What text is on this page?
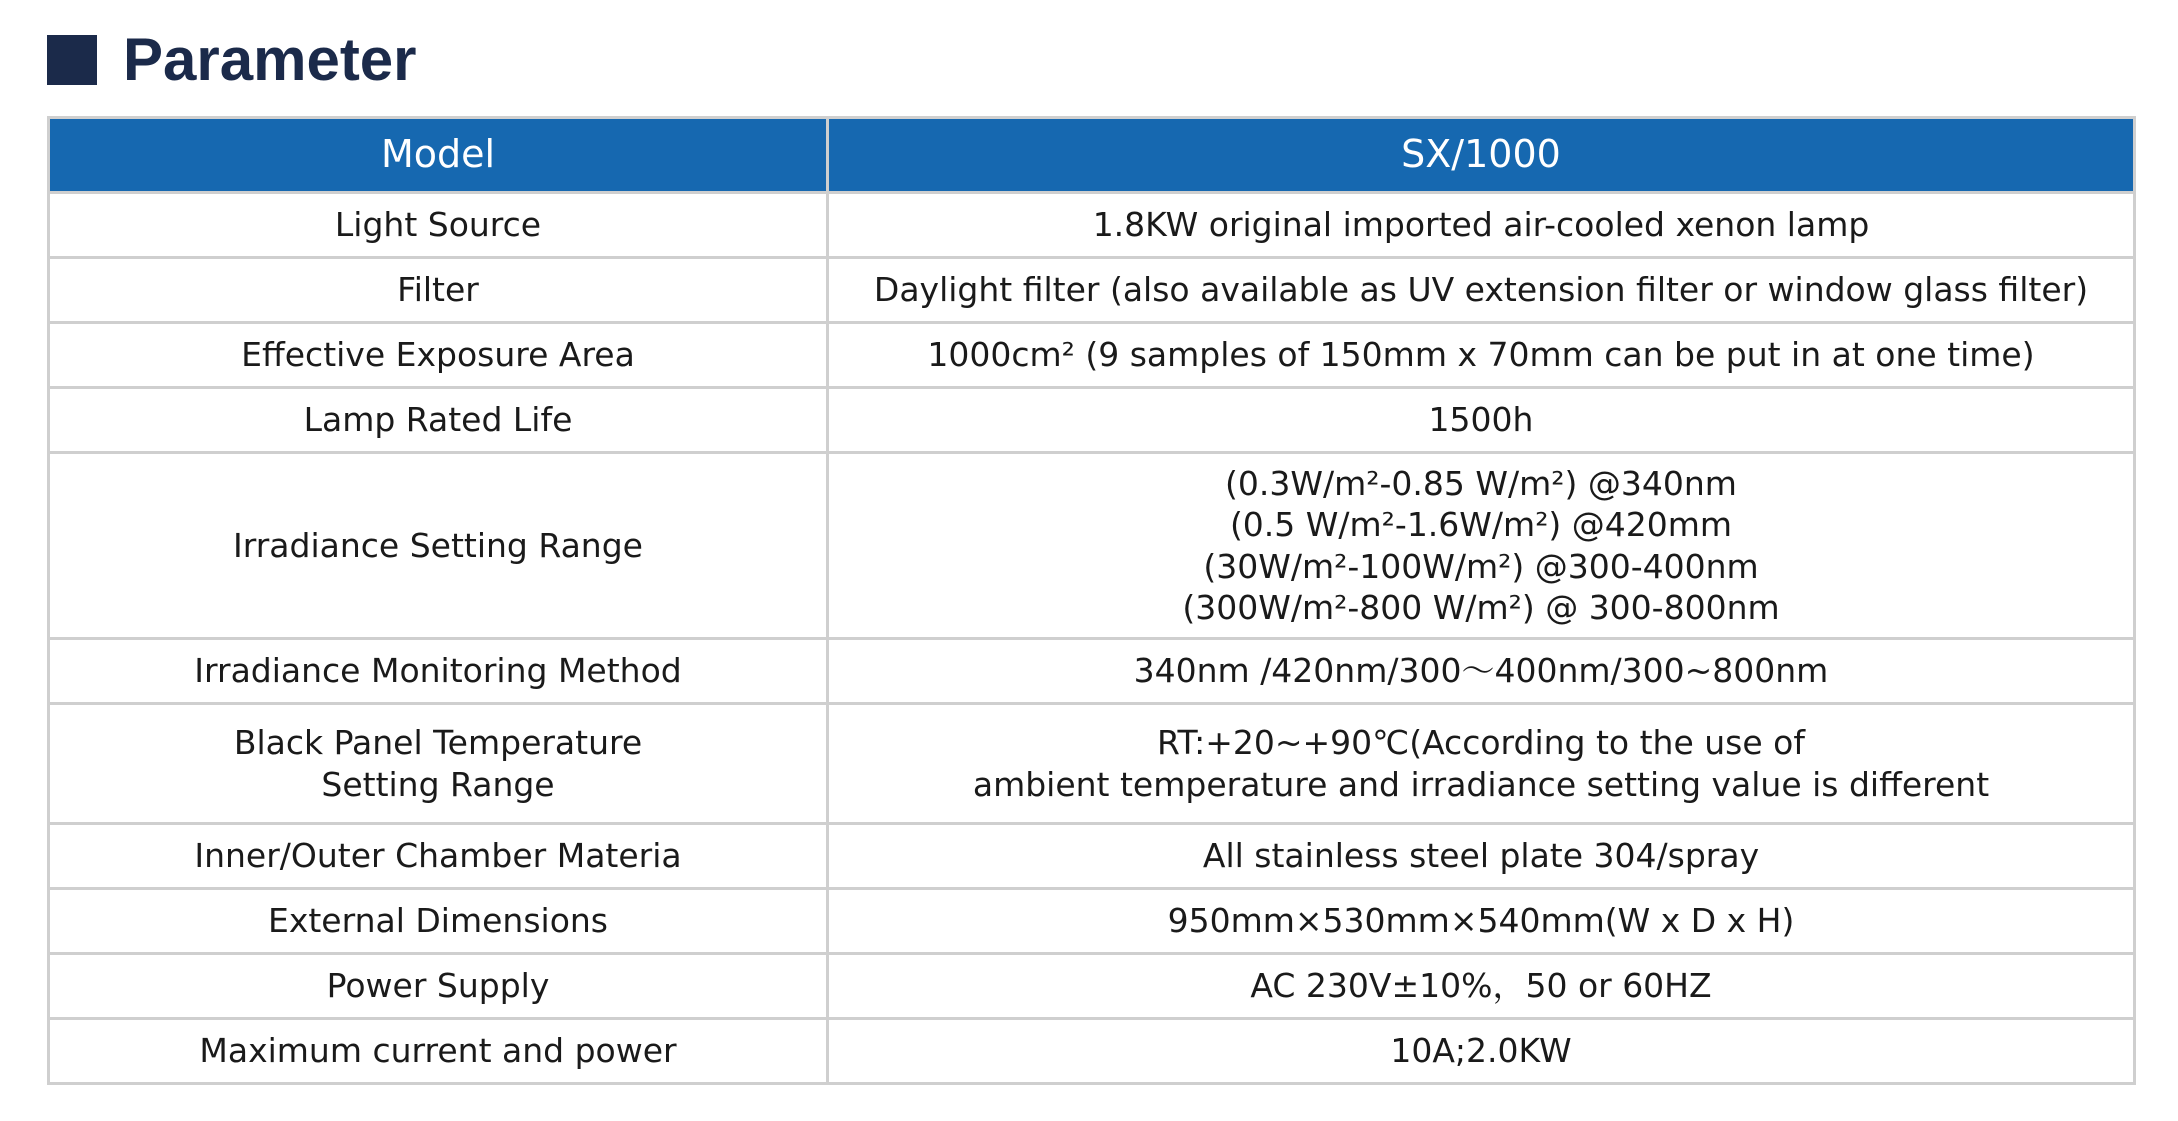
Parameter
Model	SX/1000

Light Source	1.8KW original imported air-cooled xenon lamp

Filter	Daylight filter (also available as UV extension filter or window glass filter)

Effective Exposure Area	1000cm² (9 samples of 150mm x 70mm can be put in at one time)

Lamp Rated Life	1500h

Irradiance Setting Range	(0.3W/m²-0.85 W/m²) @340nm
(0.5 W/m²-1.6W/m²) @420mm
(30W/m²-100W/m²) @300-400nm
(300W/m²-800 W/m²) @ 300-800nm

Irradiance Monitoring Method	340nm /420nm/300～400nm/300~800nm

Black Panel Temperature
Setting Range	RT:+20~+90℃(According to the use of
ambient temperature and irradiance setting value is different

Inner/Outer Chamber Materia	All stainless steel plate 304/spray

External Dimensions	950mm×530mm×540mm(W x D x H)

Power Supply	AC 230V±10%，50 or 60HZ

Maximum current and power	10A;2.0KW
